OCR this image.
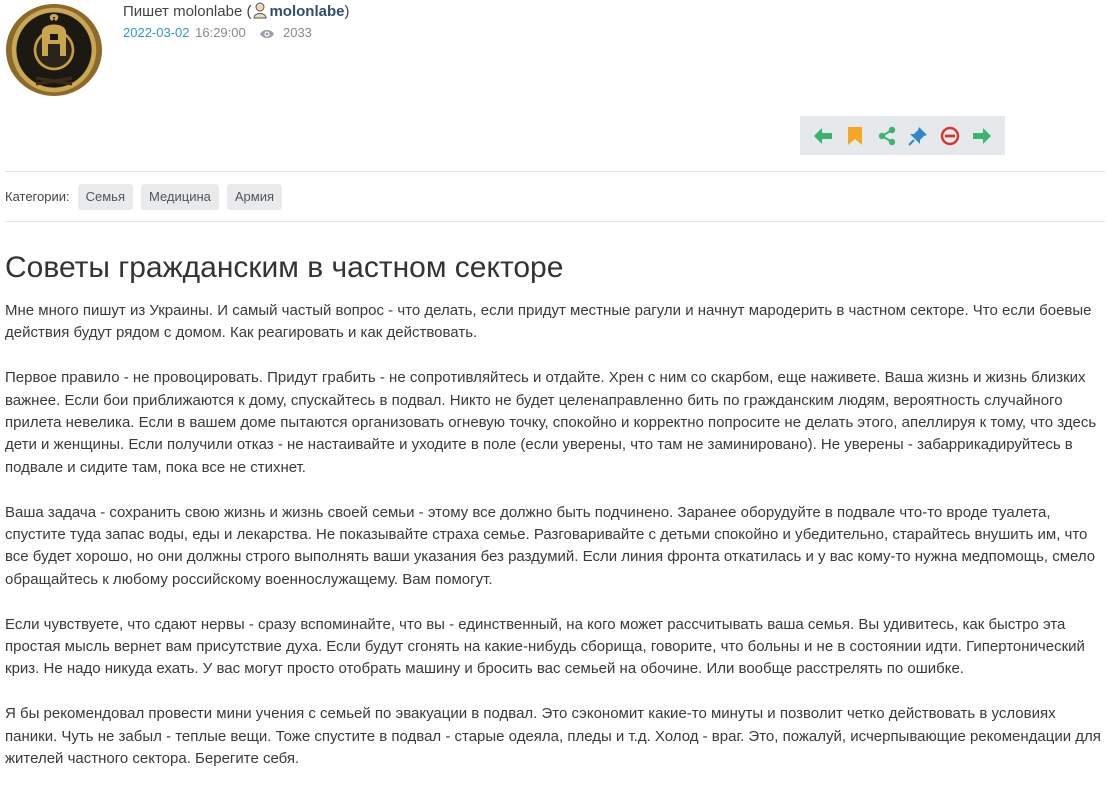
Пишет molonlabe ( molonlabe)
2022-03-02 16:29:00	2033
Категории:	Семья	Медицина	Армия
Советы гражданским в частном секторе

Мне много пишут из Украины. И самый частый вопрос - что делать, если придут местные рагули и начнут мародерить в частном секторе. Что если боевые действия будут рядом с домом. Как реагировать и как действовать.

Первое правило - не провоцировать. Придут грабить - не сопротивляйтесь и отдайте. Хрен с ним со скарбом, еще наживете. Ваша жизнь и жизнь близких важнее. Если бои приближаются к дому, спускайтесь в подвал. Никто не будет целенаправленно бить по гражданским людям, вероятность случайного прилета невелика. Если в вашем доме пытаются организовать огневую точку, спокойно и корректно попросите не делать этого, апеллируя к тому, что здесь дети и женщины. Если получили отказ - не настаивайте и уходите в поле (если уверены, что там не заминировано). Не уверены - забаррикадируйтесь в подвале и сидите там, пока все не стихнет.

Ваша задача - сохранить свою жизнь и жизнь своей семьи - этому все должно быть подчинено. Заранее оборудуйте в подвале что-то вроде туалета, спустите туда запас воды, еды и лекарства. Не показывайте страха семье. Разговаривайте с детьми спокойно и убедительно, старайтесь внушить им, что все будет хорошо, но они должны строго выполнять ваши указания без раздумий. Если линия фронта откатилась и у вас кому-то нужна медпомощь, смело обращайтесь к любому российскому военнослужащему. Вам помогут.

Если чувствуете, что сдают нервы - сразу вспоминайте, что вы - единственный, на кого может рассчитывать ваша семья. Вы удивитесь, как быстро эта простая мысль вернет вам присутствие духа. Если будут сгонять на какие-нибудь сборища, говорите, что больны и не в состоянии идти. Гипертонический криз. Не надо никуда ехать. У вас могут просто отобрать машину и бросить вас семьей на обочине. Или вообще расстрелять по ошибке.

Я бы рекомендовал провести мини учения с семьей по эвакуации в подвал. Это сэкономит какие-то минуты и позволит четко действовать в условиях паники. Чуть не забыл - теплые вещи. Тоже спустите в подвал - старые одеяла, пледы и т.д. Холод - враг. Это, пожалуй, исчерпывающие рекомендации для жителей частного сектора. Берегите себя.
